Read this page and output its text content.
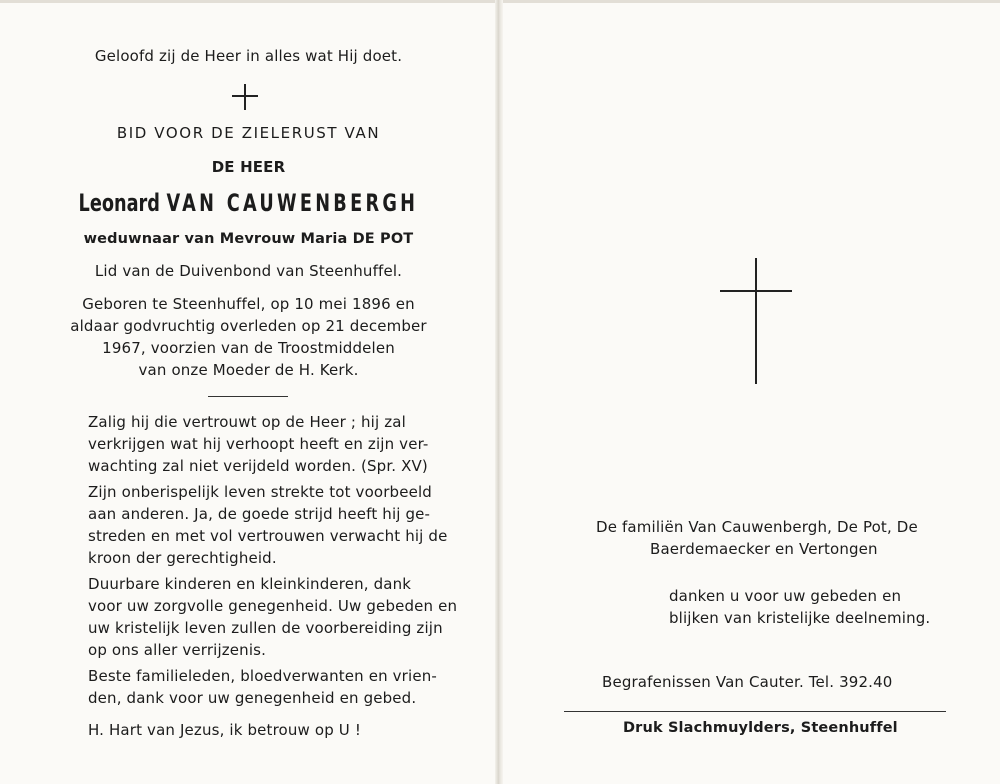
Geloofd zij de Heer in alles wat Hij doet.
BID VOOR DE ZIELERUST VAN
DE HEER
Leonard VAN CAUWENBERGH
weduwnaar van Mevrouw Maria DE POT
Lid van de Duivenbond van Steenhuffel.
Geboren te Steenhuffel, op 10 mei 1896 en
aldaar godvruchtig overleden op 21 december
1967, voorzien van de Troostmiddelen
van onze Moeder de H. Kerk.
Zalig hij die vertrouwt op de Heer ; hij zal
verkrijgen wat hij verhoopt heeft en zijn ver-
wachting zal niet verijdeld worden. (Spr. XV)
Zijn onberispelijk leven strekte tot voorbeeld
aan anderen. Ja, de goede strijd heeft hij ge-
streden en met vol vertrouwen verwacht hij de
kroon der gerechtigheid.
Duurbare kinderen en kleinkinderen, dank
voor uw zorgvolle genegenheid. Uw gebeden en
uw kristelijk leven zullen de voorbereiding zijn
op ons aller verrijzenis.
Beste familieleden, bloedverwanten en vrien-
den, dank voor uw genegenheid en gebed.
H. Hart van Jezus, ik betrouw op U !
De familiën Van Cauwenbergh, De Pot, De
Baerdemaecker en Vertongen
danken u voor uw gebeden en
blijken van kristelijke deelneming.
Begrafenissen Van Cauter. Tel. 392.40
Druk Slachmuylders, Steenhuffel
